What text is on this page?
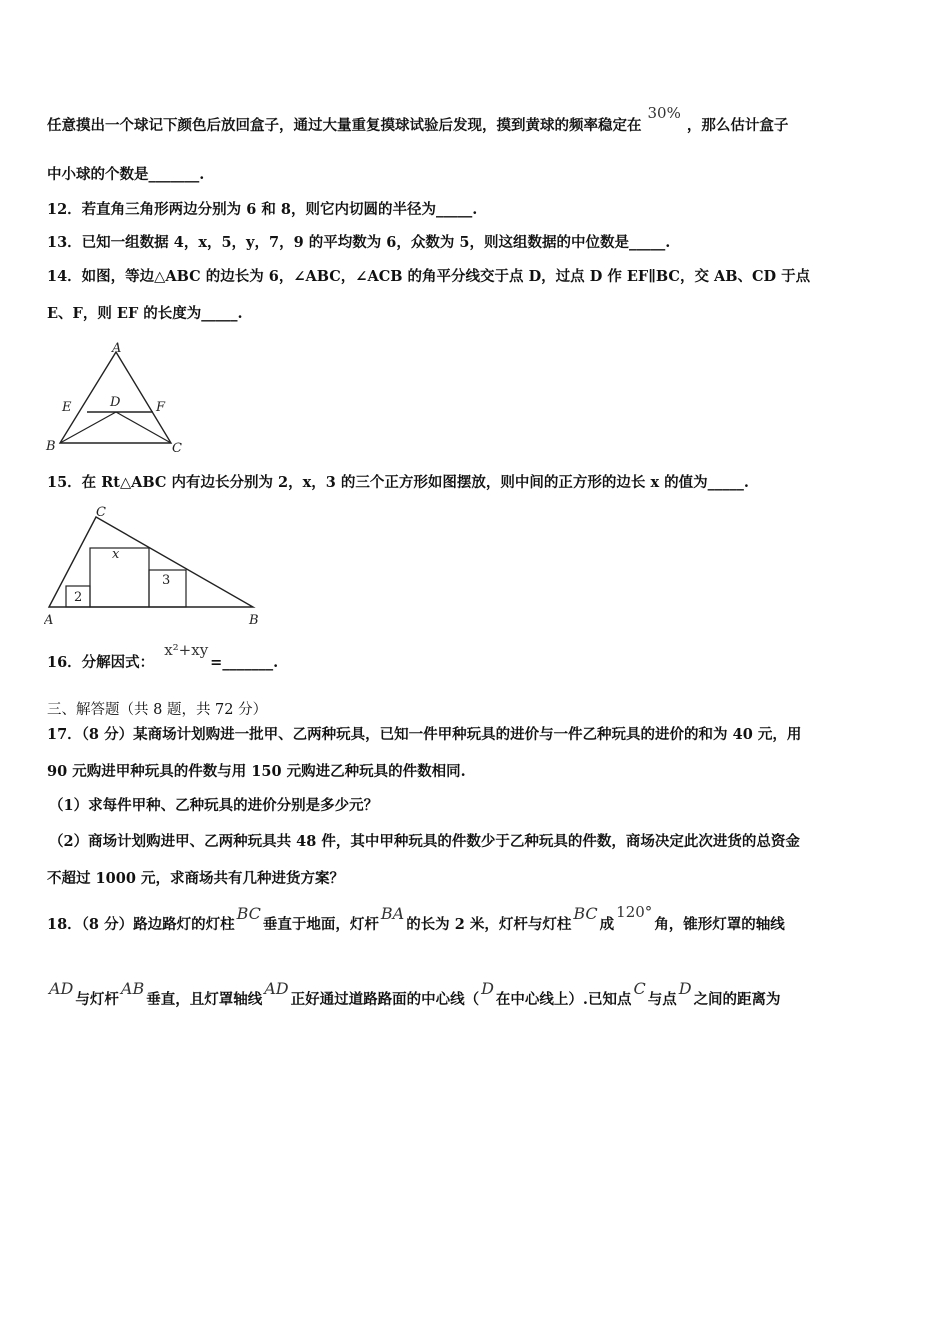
任意摸出一个球记下颜色后放回盒子，通过大量重复摸球试验后发现，摸到黄球的频率稳定在30%，那么估计盒子
中小球的个数是_______.
12．若直角三角形两边分别为 6 和 8，则它内切圆的半径为_____.
13．已知一组数据 4，x，5，y，7，9 的平均数为 6，众数为 5，则这组数据的中位数是_____.
14．如图，等边△ABC 的边长为 6，∠ABC，∠ACB 的角平分线交于点 D，过点 D 作 EF∥BC，交 AB、CD 于点
E、F，则 EF 的长度为_____.
A
E	D	F
B	C
15．在 Rt△ABC 内有边长分别为 2，x，3 的三个正方形如图摆放，则中间的正方形的边长 x 的值为_____.
C
A	B
x
2
3
16．分解因式：x²+xy=_______.
三、解答题（共 8 题，共 72 分）
17．（8 分）某商场计划购进一批甲、乙两种玩具，已知一件甲种玩具的进价与一件乙种玩具的进价的和为 40 元，用
90 元购进甲种玩具的件数与用 150 元购进乙种玩具的件数相同.
（1）求每件甲种、乙种玩具的进价分别是多少元？
（2）商场计划购进甲、乙两种玩具共 48 件，其中甲种玩具的件数少于乙种玩具的件数，商场决定此次进货的总资金
不超过 1000 元，求商场共有几种进货方案？
18．（8 分）路边路灯的灯柱BC垂直于地面，灯杆BA的长为 2 米，灯杆与灯柱BC成120°角，锥形灯罩的轴线
AD与灯杆AB垂直，且灯罩轴线AD正好通过道路路面的中心线（D在中心线上）.已知点C与点D之间的距离为
